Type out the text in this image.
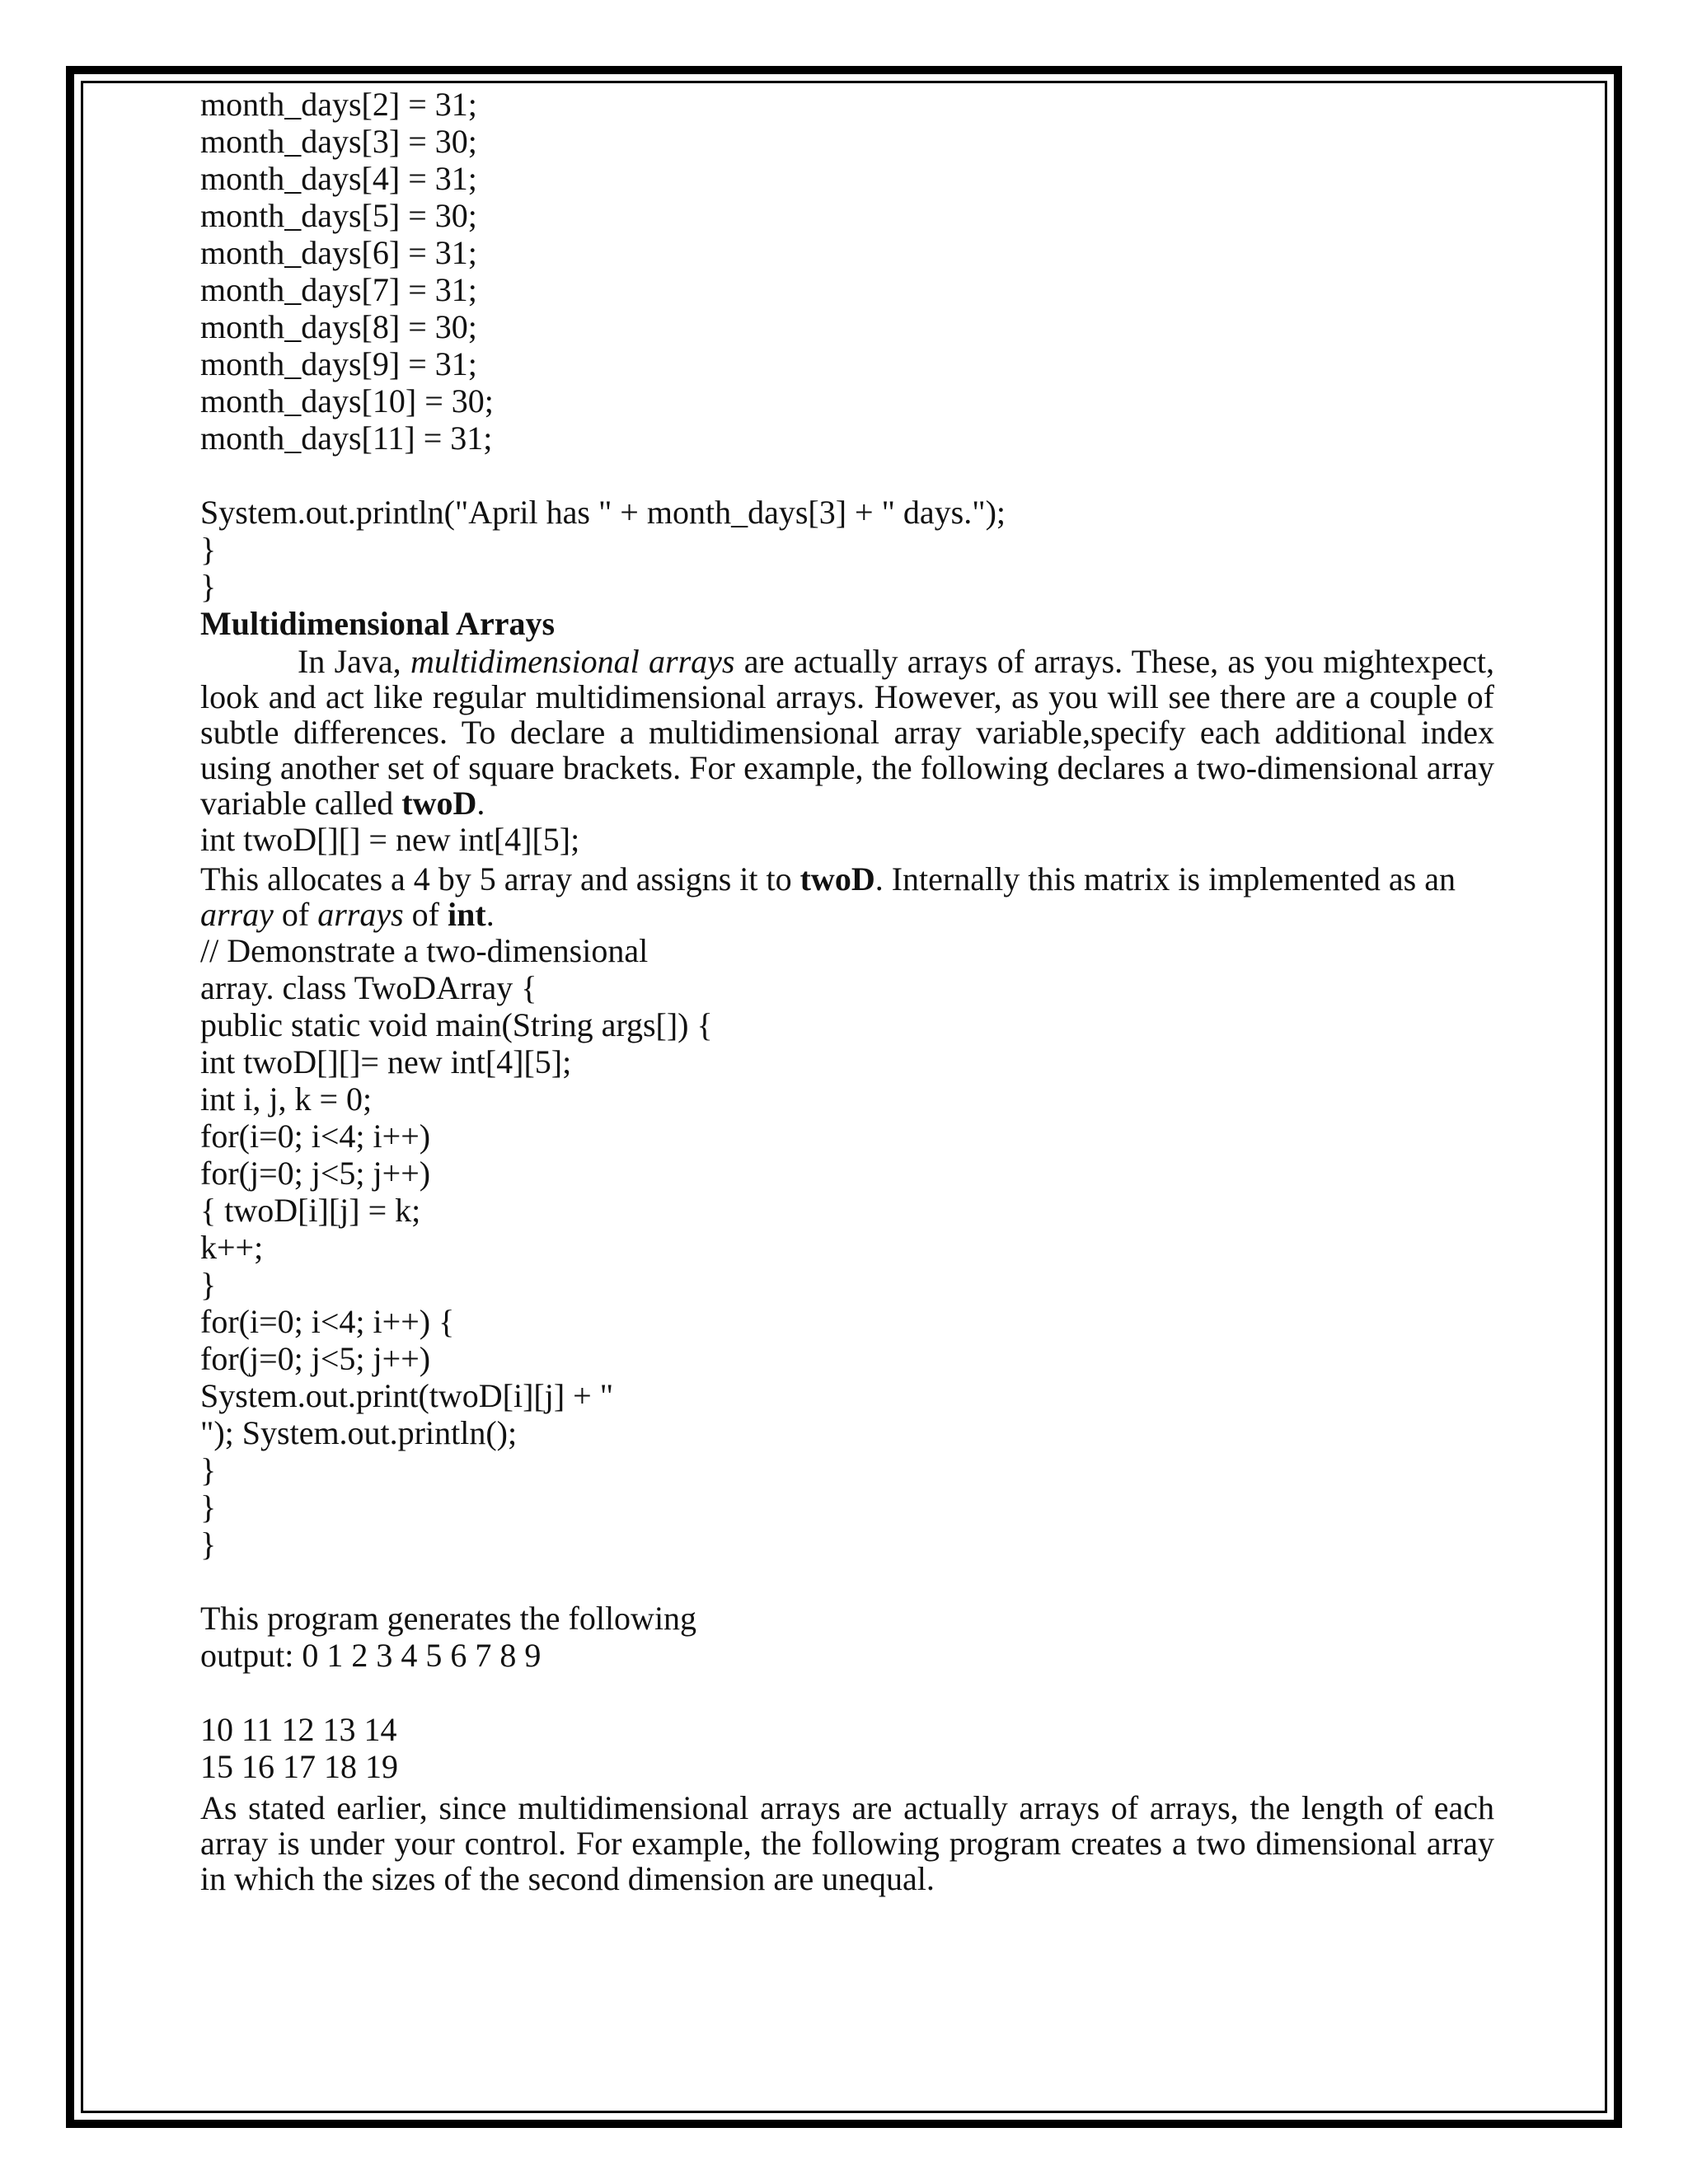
month_days[2] = 31;
month_days[3] = 30;
month_days[4] = 31;
month_days[5] = 30;
month_days[6] = 31;
month_days[7] = 31;
month_days[8] = 30;
month_days[9] = 31;
month_days[10] = 30;
month_days[11] = 31;
System.out.println("April has " + month_days[3] + " days.");
}
}
Multidimensional Arrays

In Java, multidimensional arrays are actually arrays of arrays. These, as you mightexpect, look and act like regular multidimensional arrays. However, as you will see there are a couple of subtle differences. To declare a multidimensional array variable,specify each additional index using another set of square brackets. For example, the following declares a two-dimensional array variable called twoD.

int twoD[][] = new int[4][5];

This allocates a 4 by 5 array and assigns it to twoD. Internally this matrix is implemented as an
array of arrays of int.

// Demonstrate a two-dimensional
array. class TwoDArray {
public static void main(String args[]) {
int twoD[][]= new int[4][5];
int i, j, k = 0;
for(i=0; i<4; i++)
for(j=0; j<5; j++)
{ twoD[i][j] = k;
k++;
}
for(i=0; i<4; i++) {
for(j=0; j<5; j++)
System.out.print(twoD[i][j] + "
"); System.out.println();
}
}
}
This program generates the following
output: 0 1 2 3 4 5 6 7 8 9
10 11 12 13 14
15 16 17 18 19

As stated earlier, since multidimensional arrays are actually arrays of arrays, the length of each array is under your control. For example, the following program creates a two dimensional array in which the sizes of the second dimension are unequal.
